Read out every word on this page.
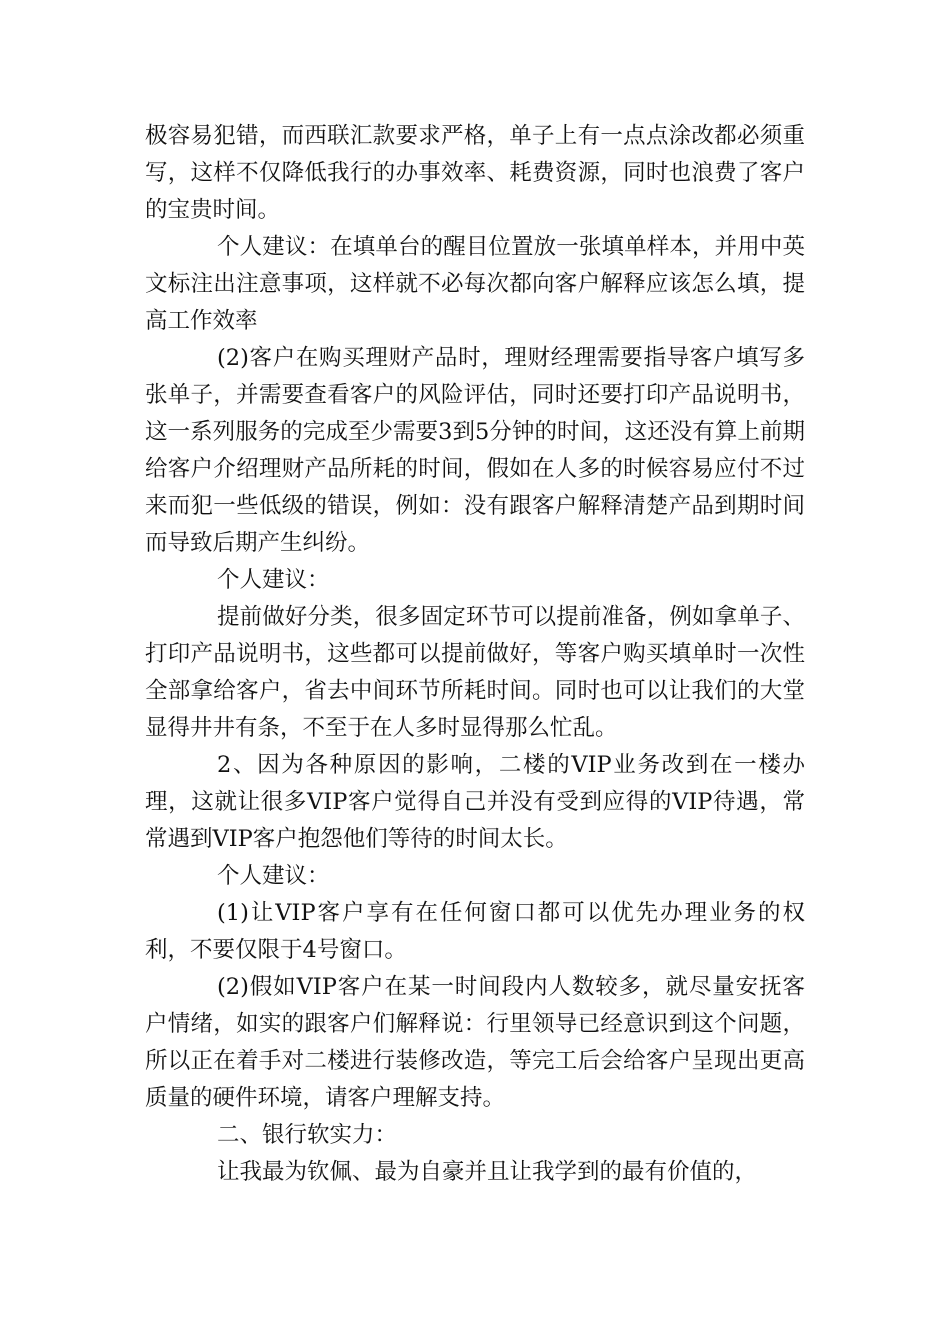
极容易犯错，而西联汇款要求严格，单子上有一点点涂改都必须重写，这样不仅降低我行的办事效率、耗费资源，同时也浪费了客户的宝贵时间。

个人建议：在填单台的醒目位置放一张填单样本，并用中英文标注出注意事项，这样就不必每次都向客户解释应该怎么填，提高工作效率

(2)客户在购买理财产品时，理财经理需要指导客户填写多张单子，并需要查看客户的风险评估，同时还要打印产品说明书，这一系列服务的完成至少需要3到5分钟的时间，这还没有算上前期给客户介绍理财产品所耗的时间，假如在人多的时候容易应付不过来而犯一些低级的错误，例如：没有跟客户解释清楚产品到期时间而导致后期产生纠纷。

个人建议：

提前做好分类，很多固定环节可以提前准备，例如拿单子、打印产品说明书，这些都可以提前做好，等客户购买填单时一次性全部拿给客户，省去中间环节所耗时间。同时也可以让我们的大堂显得井井有条，不至于在人多时显得那么忙乱。

2、因为各种原因的影响，二楼的VIP业务改到在一楼办理，这就让很多VIP客户觉得自己并没有受到应得的VIP待遇，常常遇到VIP客户抱怨他们等待的时间太长。

个人建议：

(1)让VIP客户享有在任何窗口都可以优先办理业务的权利，不要仅限于4号窗口。

(2)假如VIP客户在某一时间段内人数较多，就尽量安抚客户情绪，如实的跟客户们解释说：行里领导已经意识到这个问题，所以正在着手对二楼进行装修改造，等完工后会给客户呈现出更高质量的硬件环境，请客户理解支持。

二、银行软实力：

让我最为钦佩、最为自豪并且让我学到的最有价值的，
